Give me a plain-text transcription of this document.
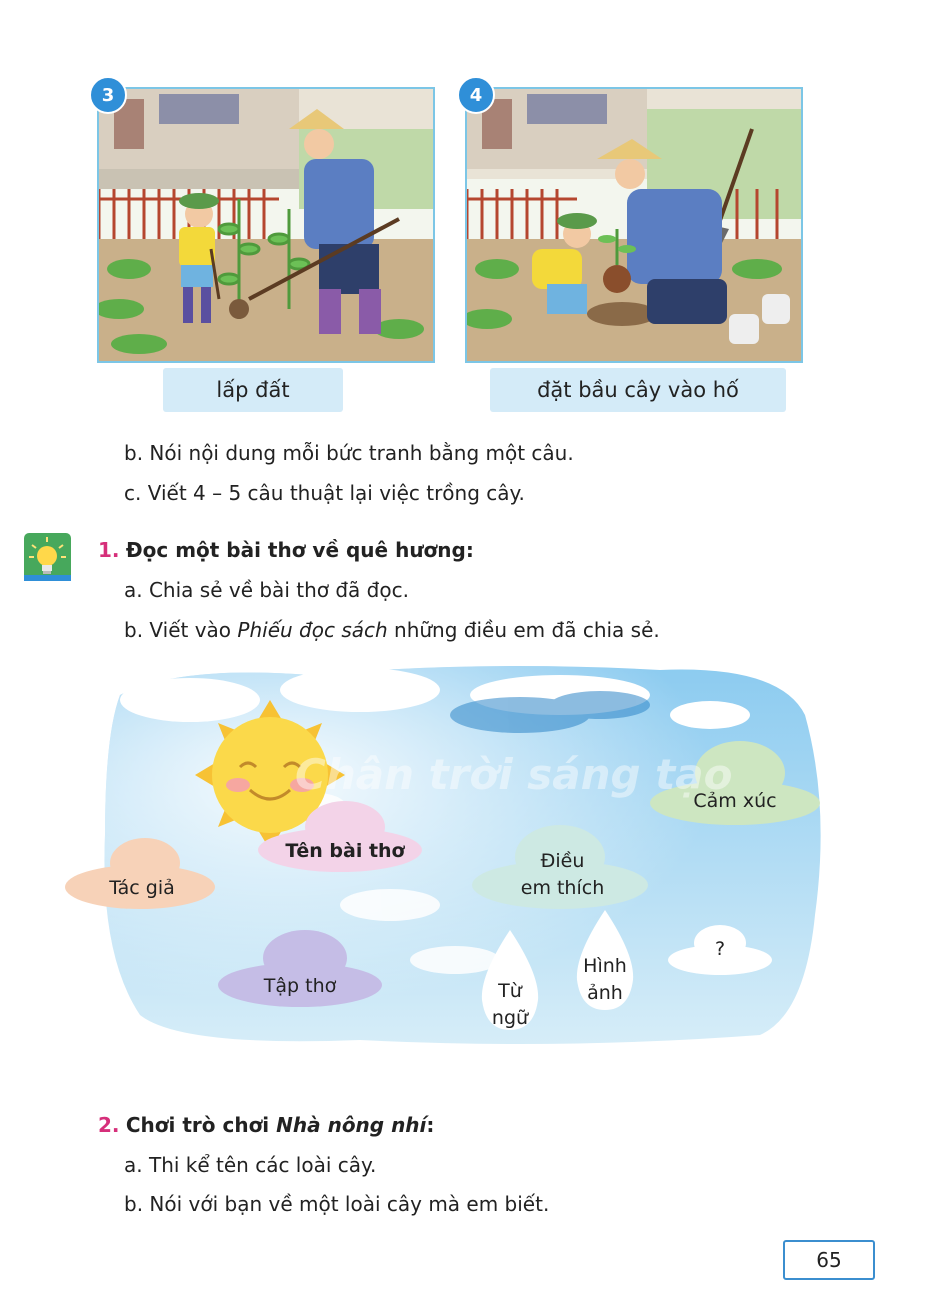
3
lấp đất
4
đặt bầu cây vào hố
b. Nói nội dung mỗi bức tranh bằng một câu.
c. Viết 4 – 5 câu thuật lại việc trồng cây.
1. Đọc một bài thơ về quê hương:
a. Chia sẻ về bài thơ đã đọc.
b. Viết vào Phiếu đọc sách những điều em đã chia sẻ.
Chân trời sáng tạo
Tác giả
Tên bài thơ
Tập thơ
Cảm xúc
Điều
em thích
Từ
ngữ
Hình
ảnh
?
2. Chơi trò chơi Nhà nông nhí:
a. Thi kể tên các loài cây.
b. Nói với bạn về một loài cây mà em biết.
65
